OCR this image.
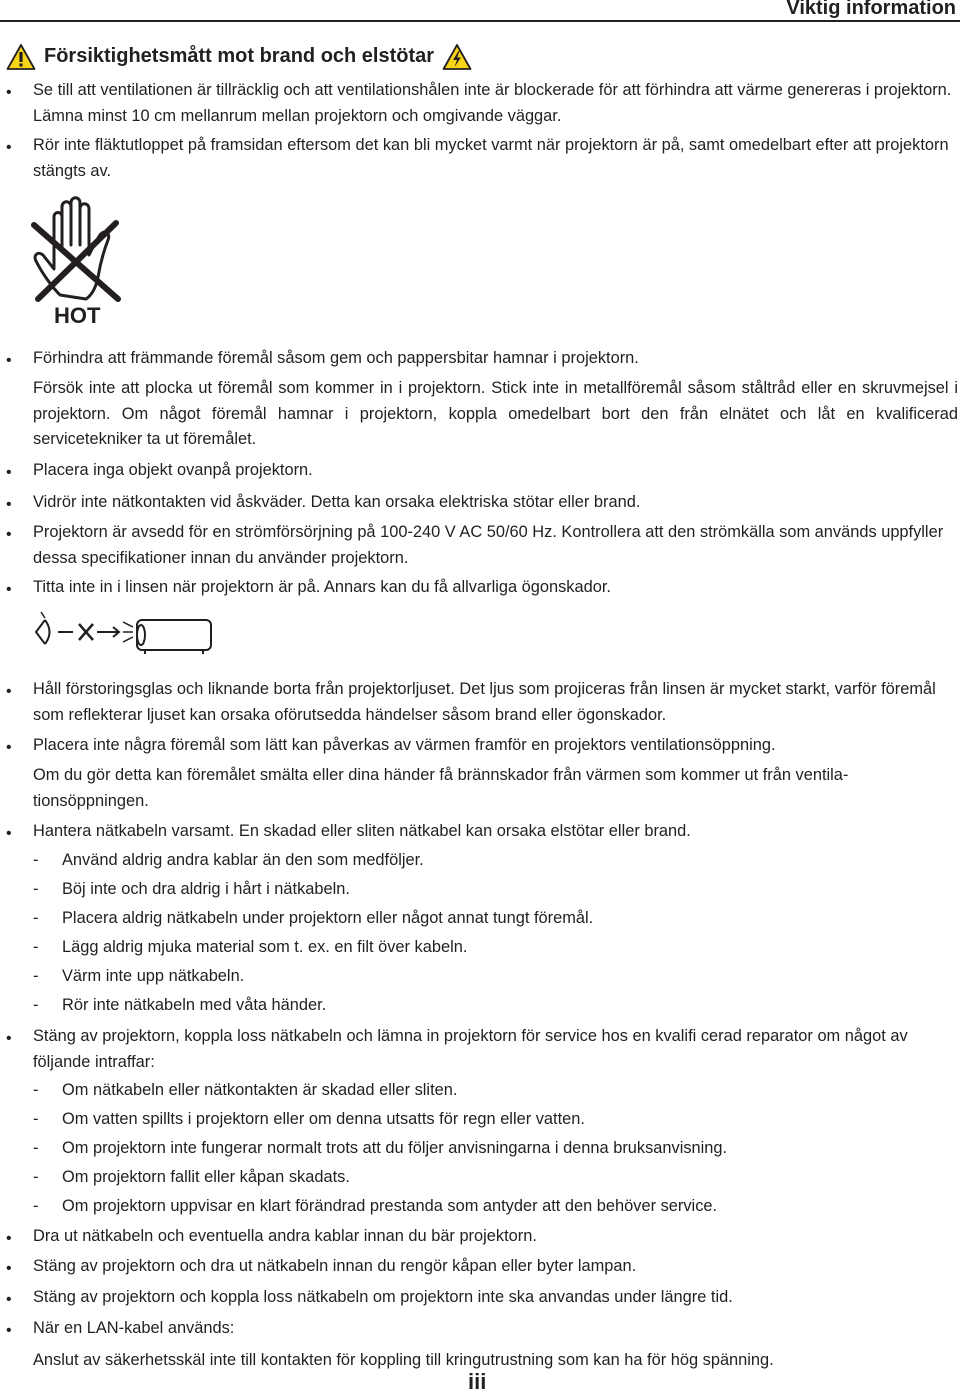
Viktig information
Försiktighetsmått mot brand och elstötar
• Se till att ventilationen är tillräcklig och att ventilationshålen inte är blockerade för att förhindra att värme genereras i projektorn. Lämna minst 10 cm mellanrum mellan projektorn och omgivande väggar.
• Rör inte fläktutloppet på framsidan eftersom det kan bli mycket varmt när projektorn är på, samt omedelbart efter att projektorn stängts av.
HOT
• Förhindra att främmande föremål såsom gem och pappersbitar hamnar i projektorn.
Försök inte att plocka ut föremål som kommer in i projektorn. Stick inte in metallföremål såsom ståltråd eller en skruvmejsel i projektorn. Om något föremål hamnar i projektorn, koppla omedelbart bort den från elnätet och låt en kvalificerad servicetekniker ta ut föremålet.
• Placera inga objekt ovanpå projektorn.
• Vidrör inte nätkontakten vid åskväder. Detta kan orsaka elektriska stötar eller brand.
• Projektorn är avsedd för en strömförsörjning på 100-240 V AC 50/60 Hz. Kontrollera att den strömkälla som används uppfyller dessa specifikationer innan du använder projektorn.
• Titta inte in i linsen när projektorn är på. Annars kan du få allvarliga ögonskador.
• Håll förstoringsglas och liknande borta från projektorljuset. Det ljus som projiceras från linsen är mycket starkt, varför föremål som reflekterar ljuset kan orsaka oförutsedda händelser såsom brand eller ögonskador.
• Placera inte några föremål som lätt kan påverkas av värmen framför en projektors ventilationsöppning.
Om du gör detta kan föremålet smälta eller dina händer få brännskador från värmen som kommer ut från ventila- tionsöppningen.
• Hantera nätkabeln varsamt. En skadad eller sliten nätkabel kan orsaka elstötar eller brand.
- Använd aldrig andra kablar än den som medföljer.
- Böj inte och dra aldrig i hårt i nätkabeln.
- Placera aldrig nätkabeln under projektorn eller något annat tungt föremål.
- Lägg aldrig mjuka material som t. ex. en filt över kabeln.
- Värm inte upp nätkabeln.
- Rör inte nätkabeln med våta händer.
• Stäng av projektorn, koppla loss nätkabeln och lämna in projektorn för service hos en kvalifi cerad reparator om något av följande intraffar:
- Om nätkabeln eller nätkontakten är skadad eller sliten.
- Om vatten spillts i projektorn eller om denna utsatts för regn eller vatten.
- Om projektorn inte fungerar normalt trots att du följer anvisningarna i denna bruksanvisning.
- Om projektorn fallit eller kåpan skadats.
- Om projektorn uppvisar en klart förändrad prestanda som antyder att den behöver service.
• Dra ut nätkabeln och eventuella andra kablar innan du bär projektorn.
• Stäng av projektorn och dra ut nätkabeln innan du rengör kåpan eller byter lampan.
• Stäng av projektorn och koppla loss nätkabeln om projektorn inte ska anvandas under längre tid.
• När en LAN-kabel används:
Anslut av säkerhetsskäl inte till kontakten för koppling till kringutrustning som kan ha för hög spänning.
iii
